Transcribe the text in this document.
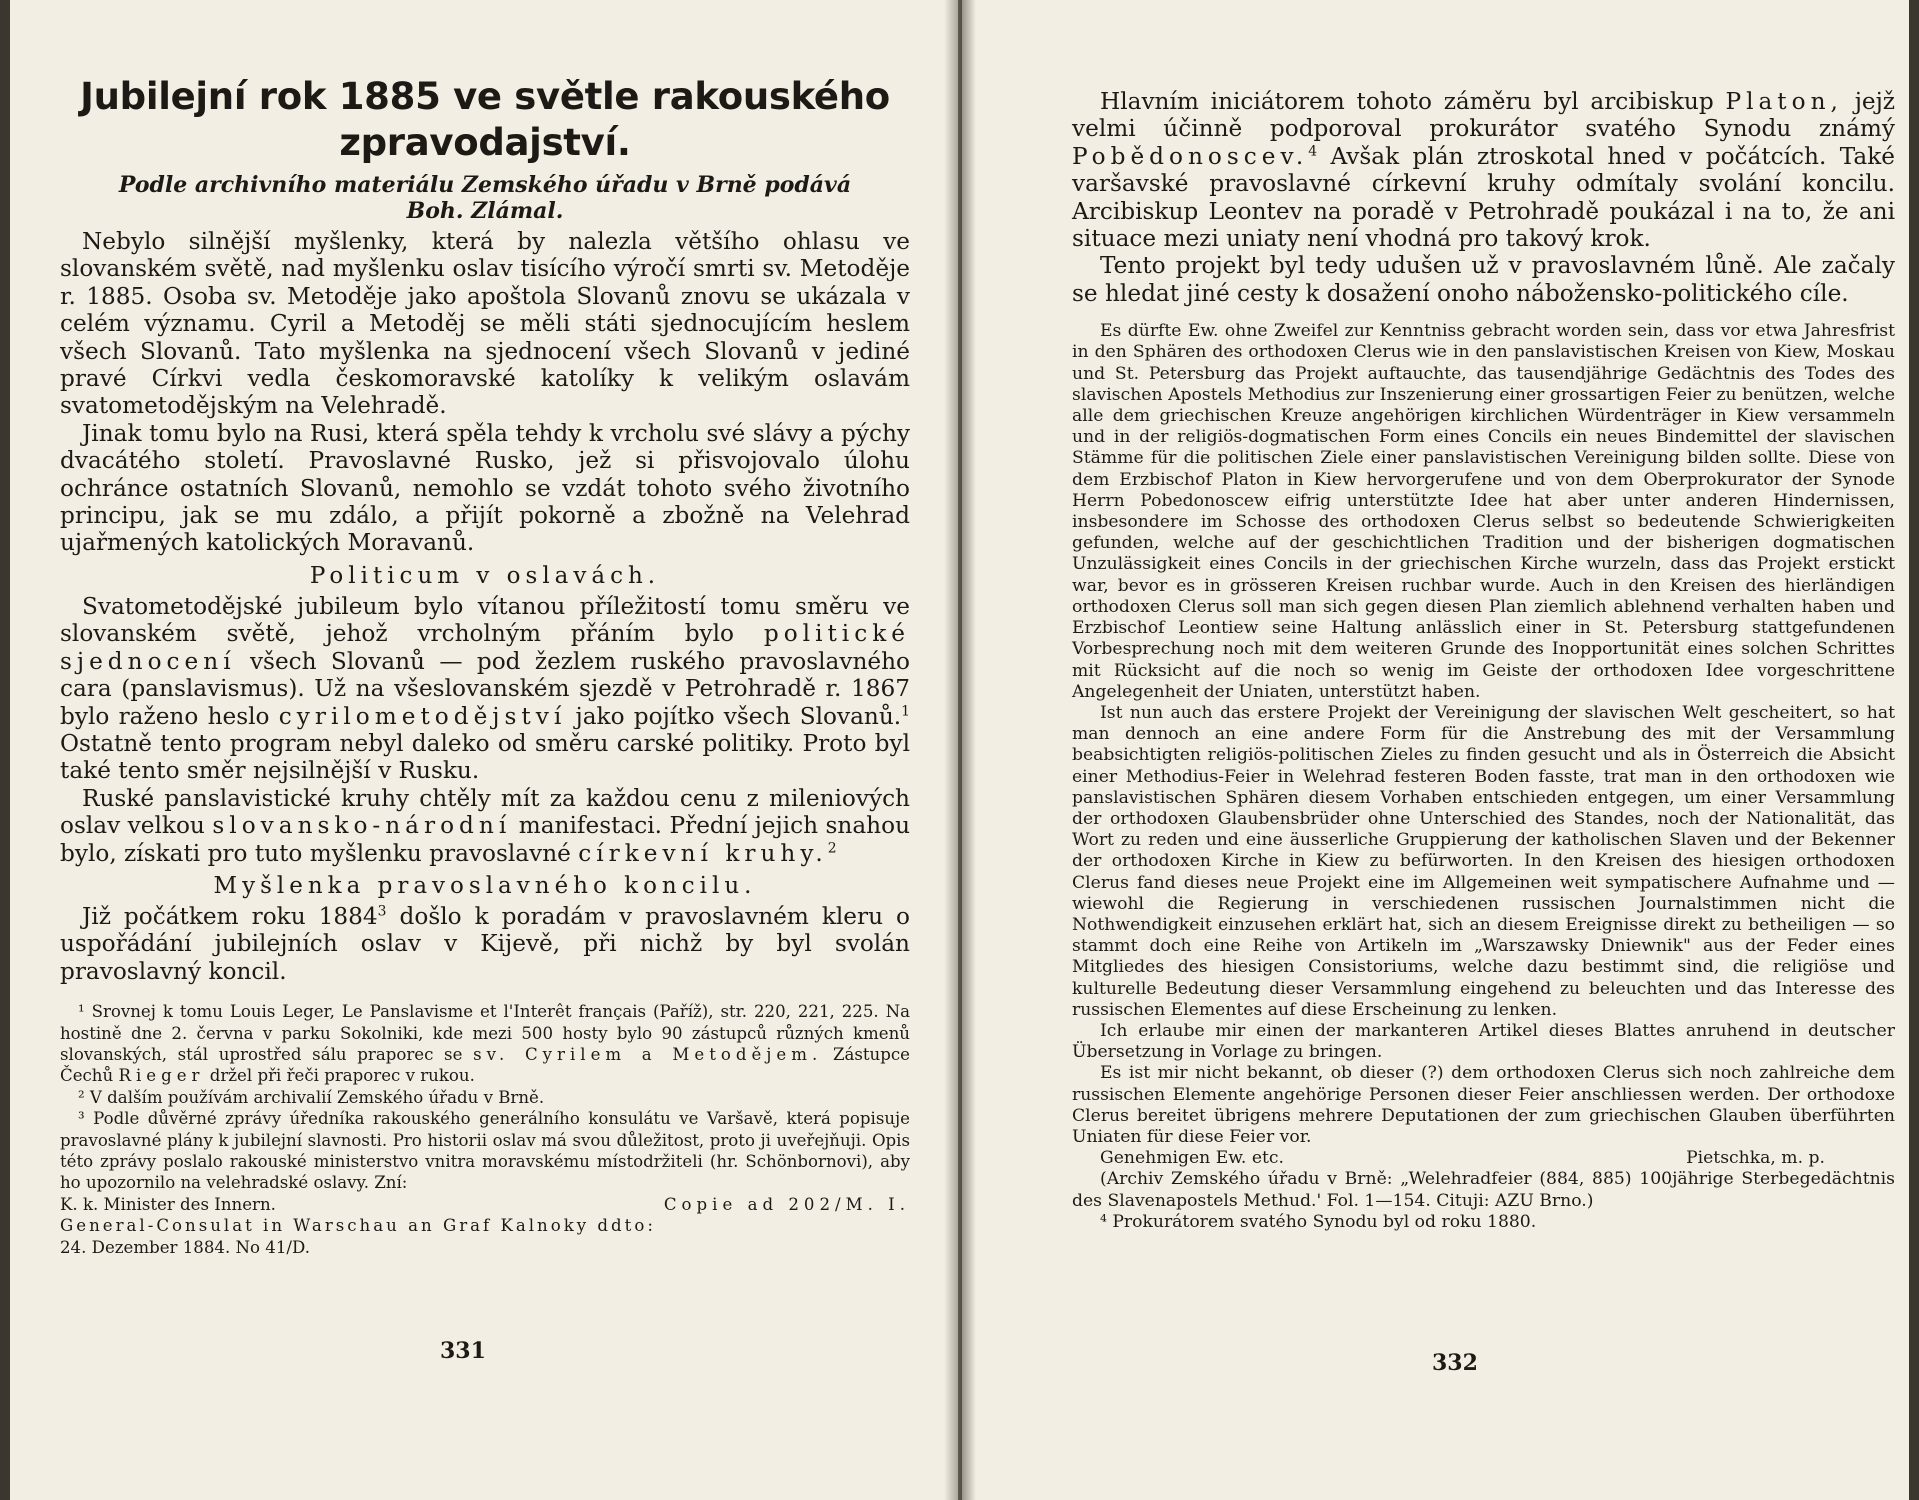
Jubilejní rok 1885 ve světle rakouského zpravodajství.

Podle archivního materiálu Zemského úřadu v Brně podává Boh. Zlámal.

Nebylo silnější myšlenky, která by nalezla většího ohlasu ve slovanském světě, nad myšlenku oslav tisícího výročí smrti sv. Metoděje r. 1885. Osoba sv. Metoděje jako apoštola Slovanů znovu se ukázala v celém významu. Cyril a Metoděj se měli státi sjednocujícím heslem všech Slovanů. Tato myšlenka na sjednocení všech Slovanů v jediné pravé Církvi vedla českomoravské katolíky k velikým oslavám svatometodějským na Velehradě.

Jinak tomu bylo na Rusi, která spěla tehdy k vrcholu své slávy a pýchy dvacátého století. Pravoslavné Rusko, jež si přisvojovalo úlohu ochránce ostatních Slovanů, nemohlo se vzdát tohoto svého životního principu, jak se mu zdálo, a přijít pokorně a zbožně na Velehrad ujařmených katolických Moravanů.

Politicum v oslavách.

Svatometodějské jubileum bylo vítanou příležitostí tomu směru ve slovanském světě, jehož vrcholným přáním bylo politické sjednocení všech Slovanů — pod žezlem ruského pravoslavného cara (panslavismus). Už na všeslovanském sjezdě v Petrohradě r. 1867 bylo raženo heslo cyrilometodějství jako pojítko všech Slovanů.$^1$ Ostatně tento program nebyl daleko od směru carské politiky. Proto byl také tento směr nejsilnější v Rusku.

Ruské panslavistické kruhy chtěly mít za každou cenu z mileniových oslav velkou slovansko-národní manifestaci. Přední jejich snahou bylo, získati pro tuto myšlenku pravoslavné církevní kruhy.$^2$

Myšlenka pravoslavného koncilu.

Již počátkem roku 1884$^3$ došlo k poradám v pravoslavném kleru o uspořádání jubilejních oslav v Kijevě, při nichž by byl svolán pravoslavný koncil.

¹ Srovnej k tomu Louis Leger, Le Panslavisme et l'Interêt français (Paříž), str. 220, 221, 225. Na hostině dne 2. června v parku Sokolniki, kde mezi 500 hosty bylo 90 zástupců různých kmenů slovanských, stál uprostřed sálu praporec se sv. Cyrilem a Metodějem. Zástupce Čechů Rieger držel při řeči praporec v rukou.

² V dalším používám archivalií Zemského úřadu v Brně.

³ Podle důvěrné zprávy úředníka rakouského generálního konsulátu ve Varšavě, která popisuje pravoslavné plány k jubilejní slavnosti. Pro historii oslav má svou důležitost, proto ji uveřejňuji. Opis této zprávy poslalo rakouské ministerstvo vnitra moravskému místodržiteli (hr. Schönbornovi), aby ho upozornilo na velehradské oslavy. Zní:

K. k. Minister des Innern.	Copie ad 202/M. I.

General-Consulat in Warschau an Graf Kalnoky ddto:

24. Dezember 1884. No 41/D.

331

Hlavním iniciátorem tohoto záměru byl arcibiskup Platon, jejž velmi účinně podporoval prokurátor svatého Synodu známý Pobědonoscev.$^4$ Avšak plán ztroskotal hned v počátcích. Také varšavské pravoslavné církevní kruhy odmítaly svolání koncilu. Arcibiskup Leontev na poradě v Petrohradě poukázal i na to, že ani situace mezi uniaty není vhodná pro takový krok.

Tento projekt byl tedy udušen už v pravoslavném lůně. Ale začaly se hledat jiné cesty k dosažení onoho nábožensko-politického cíle.

Es dürfte Ew. ohne Zweifel zur Kenntniss gebracht worden sein, dass vor etwa Jahresfrist in den Sphären des orthodoxen Clerus wie in den panslavistischen Kreisen von Kiew, Moskau und St. Petersburg das Projekt auftauchte, das tausendjährige Gedächtnis des Todes des slavischen Apostels Methodius zur Inszenierung einer grossartigen Feier zu benützen, welche alle dem griechischen Kreuze angehörigen kirchlichen Würdenträger in Kiew versammeln und in der religiös-dogmatischen Form eines Concils ein neues Bindemittel der slavischen Stämme für die politischen Ziele einer panslavistischen Vereinigung bilden sollte. Diese von dem Erzbischof Platon in Kiew hervorgerufene und von dem Oberprokurator der Synode Herrn Pobedonoscew eifrig unterstützte Idee hat aber unter anderen Hindernissen, insbesondere im Schosse des orthodoxen Clerus selbst so bedeutende Schwierigkeiten gefunden, welche auf der geschichtlichen Tradition und der bisherigen dogmatischen Unzulässigkeit eines Concils in der griechischen Kirche wurzeln, dass das Projekt erstickt war, bevor es in grösseren Kreisen ruchbar wurde. Auch in den Kreisen des hierländigen orthodoxen Clerus soll man sich gegen diesen Plan ziemlich ablehnend verhalten haben und Erzbischof Leontiew seine Haltung anlässlich einer in St. Petersburg stattgefundenen Vorbesprechung noch mit dem weiteren Grunde des Inopportunität eines solchen Schrittes mit Rücksicht auf die noch so wenig im Geiste der orthodoxen Idee vorgeschrittene Angelegenheit der Uniaten, unterstützt haben.

Ist nun auch das erstere Projekt der Vereinigung der slavischen Welt gescheitert, so hat man dennoch an eine andere Form für die Anstrebung des mit der Versammlung beabsichtigten religiös-politischen Zieles zu finden gesucht und als in Österreich die Absicht einer Methodius-Feier in Welehrad festeren Boden fasste, trat man in den orthodoxen wie panslavistischen Sphären diesem Vorhaben entschieden entgegen, um einer Versammlung der orthodoxen Glaubensbrüder ohne Unterschied des Standes, noch der Nationalität, das Wort zu reden und eine äusserliche Gruppierung der katholischen Slaven und der Bekenner der orthodoxen Kirche in Kiew zu befürworten. In den Kreisen des hiesigen orthodoxen Clerus fand dieses neue Projekt eine im Allgemeinen weit sympatischere Aufnahme und — wiewohl die Regierung in verschiedenen russischen Journalstimmen nicht die Nothwendigkeit einzusehen erklärt hat, sich an diesem Ereignisse direkt zu betheiligen — so stammt doch eine Reihe von Artikeln im „Warszawsky Dniewnik" aus der Feder eines Mitgliedes des hiesigen Consistoriums, welche dazu bestimmt sind, die religiöse und kulturelle Bedeutung dieser Versammlung eingehend zu beleuchten und das Interesse des russischen Elementes auf diese Erscheinung zu lenken.

Ich erlaube mir einen der markanteren Artikel dieses Blattes anruhend in deutscher Übersetzung in Vorlage zu bringen.

Es ist mir nicht bekannt, ob dieser (?) dem orthodoxen Clerus sich noch zahlreiche dem russischen Elemente angehörige Personen dieser Feier anschliessen werden. Der orthodoxe Clerus bereitet übrigens mehrere Deputationen der zum griechischen Glauben überführten Uniaten für diese Feier vor.

Genehmigen Ew. etc.	Pietschka, m. p.

(Archiv Zemského úřadu v Brně: „Welehradfeier (884, 885) 100jährige Sterbegedächtnis des Slavenapostels Methud.' Fol. 1—154. Cituji: AZU Brno.)

⁴ Prokurátorem svatého Synodu byl od roku 1880.

332
